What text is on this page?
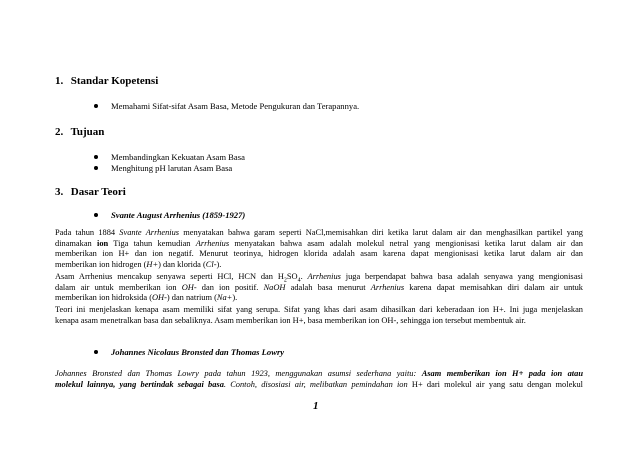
1. Standar Kopetensi
Memahami Sifat-sifat Asam Basa, Metode Pengukuran dan Terapannya.
2. Tujuan
Membandingkan Kekuatan Asam Basa
Menghitung pH larutan Asam Basa
3. Dasar Teori
Svante August Arrhenius (1859-1927)
Pada tahun 1884 Svante Arrhenius menyatakan bahwa garam seperti NaCl,memisahkan diri ketika larut dalam air dan menghasilkan partikel yang
dinamakan ion Tiga tahun kemudian Arrhenius menyatakan bahwa asam adalah molekul netral yang mengionisasi ketika larut dalam air dan
memberikan ion H+ dan ion negatif. Menurut teorinya, hidrogen klorida adalah asam karena dapat mengionisasi ketika larut dalam air dan
memberikan ion hidrogen (H+) dan klorida (Cl-).
Asam Arrhenius mencakup senyawa seperti HCl, HCN dan $H_2SO_4$. Arrhenius juga berpendapat bahwa basa adalah senyawa yang mengionisasi
dalam air untuk memberikan ion OH- dan ion positif. NaOH adalah basa menurut Arrhenius karena dapat memisahkan diri dalam air untuk
memberikan ion hidroksida (OH-) dan natrium (Na+).
Teori ini menjelaskan kenapa asam memiliki sifat yang serupa. Sifat yang khas dari asam dihasilkan dari keberadaan ion H+. Ini juga menjelaskan
kenapa asam menetralkan basa dan sebaliknya. Asam memberikan ion H+, basa memberikan ion OH-, sehingga ion tersebut membentuk air.
Johannes Nicolaus Bronsted dan Thomas Lowry
Johannes Bronsted dan Thomas Lowry pada tahun 1923, menggunakan asumsi sederhana yaitu: Asam memberikan ion H+ pada ion atau
molekul lainnya, yang bertindak sebagai basa. Contoh, disosiasi air, melibatkan pemindahan ion H+ dari molekul air yang satu dengan molekul
1
